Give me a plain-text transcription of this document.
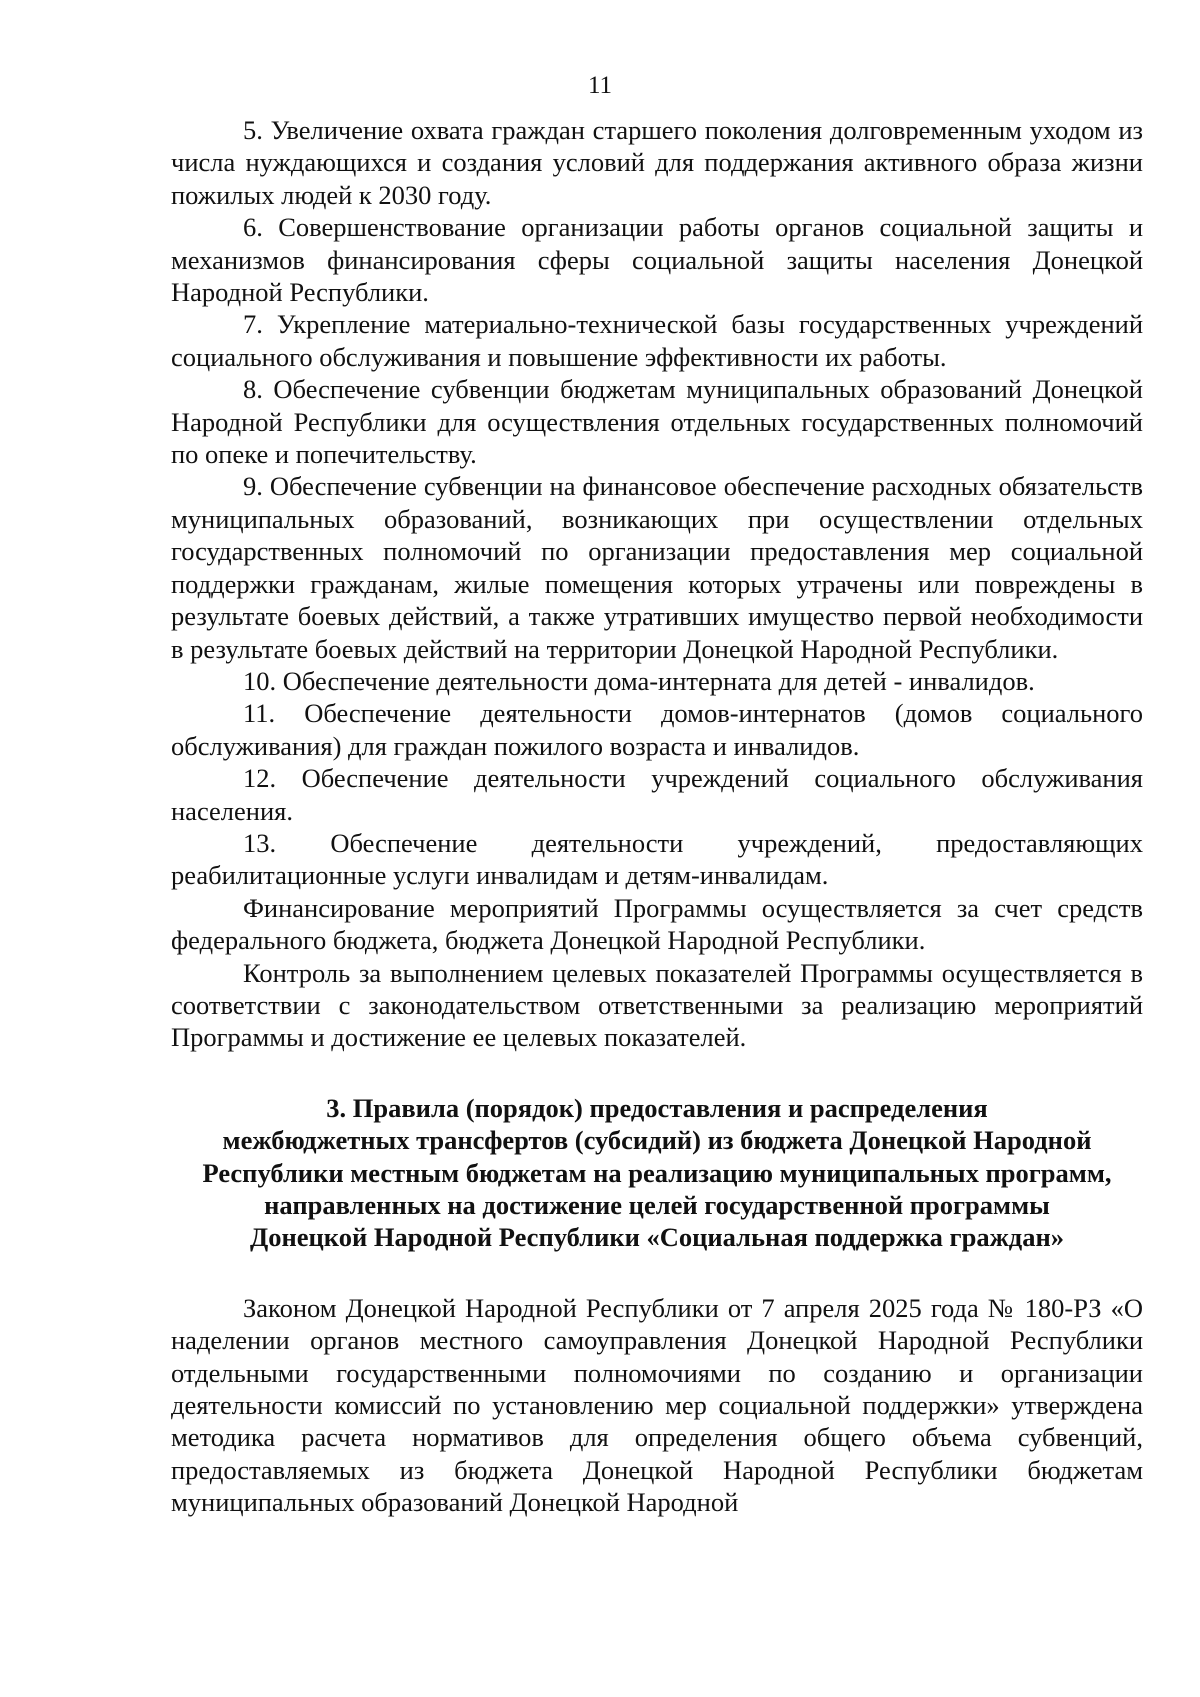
11

5. Увеличение охвата граждан старшего поколения долговременным уходом из числа нуждающихся и создания условий для поддержания активного образа жизни пожилых людей к 2030 году.

6. Совершенствование организации работы органов социальной защиты и механизмов финансирования сферы социальной защиты населения Донецкой Народной Республики.

7. Укрепление материально-технической базы государственных учреждений социального обслуживания и повышение эффективности их работы.

8. Обеспечение субвенции бюджетам муниципальных образований Донецкой Народной Республики для осуществления отдельных государственных полномочий по опеке и попечительству.

9. Обеспечение субвенции на финансовое обеспечение расходных обязательств муниципальных образований, возникающих при осуществлении отдельных государственных полномочий по организации предоставления мер социальной поддержки гражданам, жилые помещения которых утрачены или повреждены в результате боевых действий, а также утративших имущество первой необходимости в результате боевых действий на территории Донецкой Народной Республики.

10. Обеспечение деятельности дома-интерната для детей - инвалидов.

11. Обеспечение деятельности домов-интернатов (домов социального обслуживания) для граждан пожилого возраста и инвалидов.

12. Обеспечение деятельности учреждений социального обслуживания населения.

13. Обеспечение деятельности учреждений, предоставляющих реабилитационные услуги инвалидам и детям-инвалидам.

Финансирование мероприятий Программы осуществляется за счет средств федерального бюджета, бюджета Донецкой Народной Республики.

Контроль за выполнением целевых показателей Программы осуществляется в соответствии с законодательством ответственными за реализацию мероприятий Программы и достижение ее целевых показателей.

3. Правила (порядок) предоставления и распределения
межбюджетных трансфертов (субсидий) из бюджета Донецкой Народной
Республики местным бюджетам на реализацию муниципальных программ,
направленных на достижение целей государственной программы
Донецкой Народной Республики «Социальная поддержка граждан»

Законом Донецкой Народной Республики от 7 апреля 2025 года № 180-РЗ «О наделении органов местного самоуправления Донецкой Народной Республики отдельными государственными полномочиями по созданию и организации деятельности комиссий по установлению мер социальной поддержки» утверждена методика расчета нормативов для определения общего объема субвенций, предоставляемых из бюджета Донецкой Народной Республики бюджетам муниципальных образований Донецкой Народной
